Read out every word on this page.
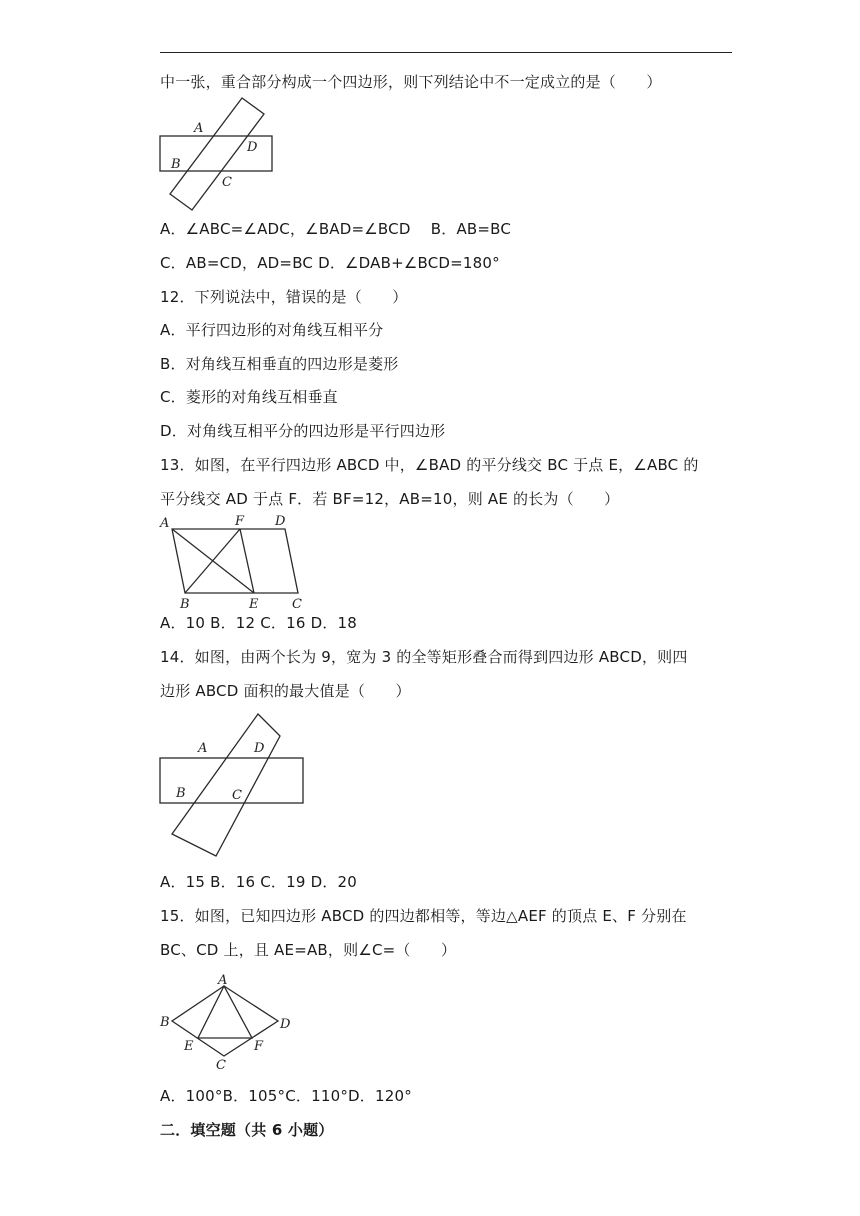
中一张，重合部分构成一个四边形，则下列结论中不一定成立的是（　　）
A
B
D
C
A．∠ABC=∠ADC，∠BAD=∠BCD　 B．AB=BC
C．AB=CD，AD=BC D．∠DAB+∠BCD=180°
12．下列说法中，错误的是（　　）
A．平行四边形的对角线互相平分
B．对角线互相垂直的四边形是菱形
C．菱形的对角线互相垂直
D．对角线互相平分的四边形是平行四边形
13．如图，在平行四边形 ABCD 中，∠BAD 的平分线交 BC 于点 E，∠ABC 的
平分线交 AD 于点 F．若 BF=12，AB=10，则 AE 的长为（　　）
A	F D
B	E	C
A．10 B．12 C．16 D．18
14．如图，由两个长为 9，宽为 3 的全等矩形叠合而得到四边形 ABCD，则四
边形 ABCD 面积的最大值是（　　）
A	D
B	C
A．15 B．16 C．19 D．20
15．如图，已知四边形 ABCD 的四边都相等，等边△AEF 的顶点 E、F 分别在
BC、CD 上，且 AE=AB，则∠C=（　　）
A
B	D
E	F
C
A．100°B．105°C．110°D．120°
二．填空题（共 6 小题）
